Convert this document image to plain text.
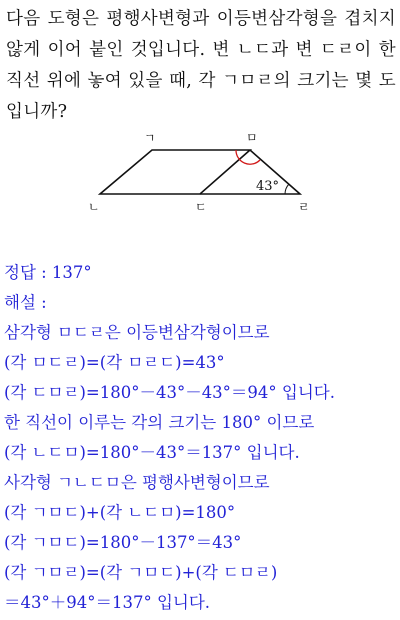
다음 도형은 평행사변형과 이등변삼각형을 겹치지 않게 이어 붙인 것입니다. 변 ㄴㄷ과 변 ㄷㄹ이 한 직선 위에 놓여 있을 때, 각 ㄱㅁㄹ의 크기는 몇 도입니까?

ㄱ	ㅁ
ㄴ	ㄷ	ㄹ
43°
정답 : 137°
해설 :
삼각형 ㅁㄷㄹ은 이등변삼각형이므로
(각 ㅁㄷㄹ)=(각 ㅁㄹㄷ)=43°
(각 ㄷㅁㄹ)=180°－43°－43°＝94° 입니다.
한 직선이 이루는 각의 크기는 180° 이므로
(각 ㄴㄷㅁ)=180°－43°＝137° 입니다.
사각형 ㄱㄴㄷㅁ은 평행사변형이므로
(각 ㄱㅁㄷ)+(각 ㄴㄷㅁ)=180°
(각 ㄱㅁㄷ)=180°－137°＝43°
(각 ㄱㅁㄹ)=(각 ㄱㅁㄷ)+(각 ㄷㅁㄹ)
＝43°＋94°＝137° 입니다.
